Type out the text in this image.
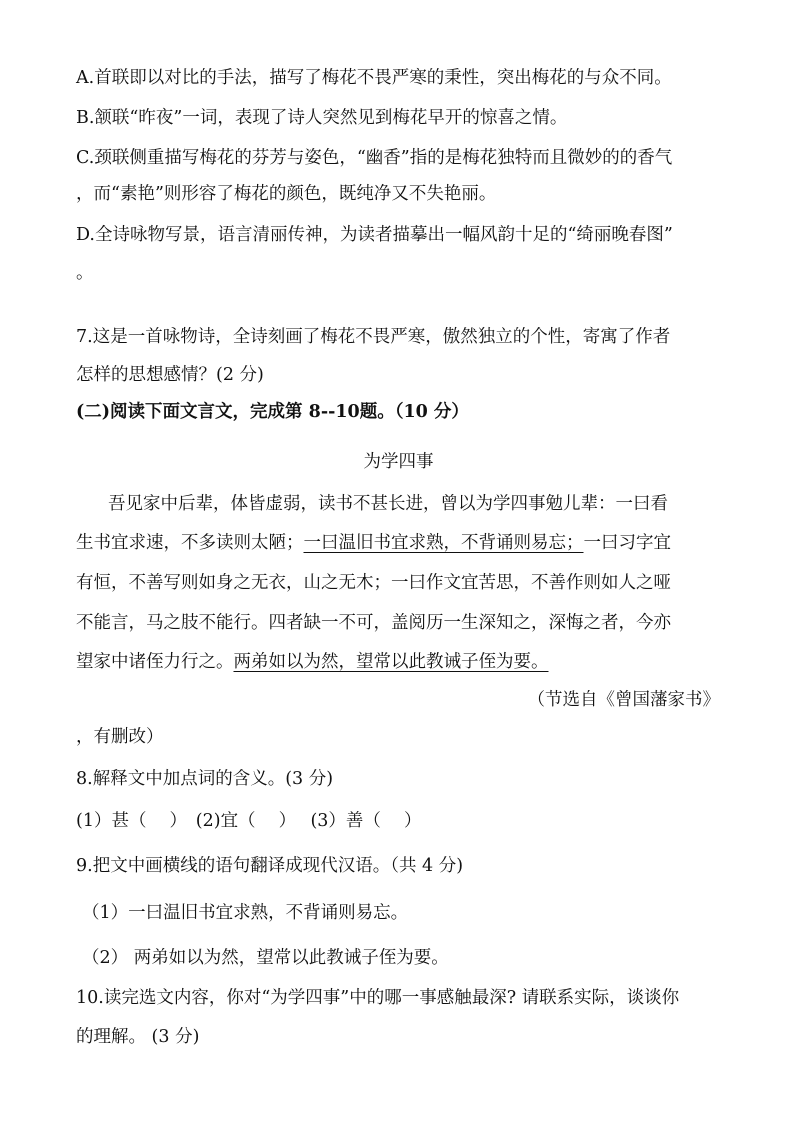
A.首联即以对比的手法，描写了梅花不畏严寒的秉性，突出梅花的与众不同。
B.颔联“昨夜”一词，表现了诗人突然见到梅花早开的惊喜之情。
C.颈联侧重描写梅花的芬芳与姿色，“幽香”指的是梅花独特而且微妙的的香气
，而“素艳”则形容了梅花的颜色，既纯净又不失艳丽。
D.全诗咏物写景，语言清丽传神，为读者描摹出一幅风韵十足的“绮丽晚春图”
。
7.这是一首咏物诗，全诗刻画了梅花不畏严寒，傲然独立的个性，寄寓了作者
怎样的思想感情？(2 分)
(二)阅读下面文言文，完成第 8--10题。（10 分）
为学四事
吾见家中后辈，体皆虚弱，读书不甚长进，曾以为学四事勉儿辈：一曰看
生书宜求速，不多读则太陋；一曰温旧书宜求熟，不背诵则易忘；一曰习字宜
有恒，不善写则如身之无衣，山之无木；一曰作文宜苦思，不善作则如人之哑
不能言，马之肢不能行。四者缺一不可，盖阅历一生深知之，深悔之者，今亦
望家中诸侄力行之。两弟如以为然，望常以此教诫子侄为要。
（节选自《曾国藩家书》
，有删改）
8.解释文中加点词的含义。(3 分)
(1）甚（　 ）　(2)宜（　 ）　 (3）善（　 ）
9.把文中画横线的语句翻译成现代汉语。（共 4 分)
（1）一曰温旧书宜求熟，不背诵则易忘。
（2） 两弟如以为然，望常以此教诫子侄为要。
10.读完选文内容，你对“为学四事”中的哪一事感触最深? 请联系实际，谈谈你
的理解。 (3 分)
